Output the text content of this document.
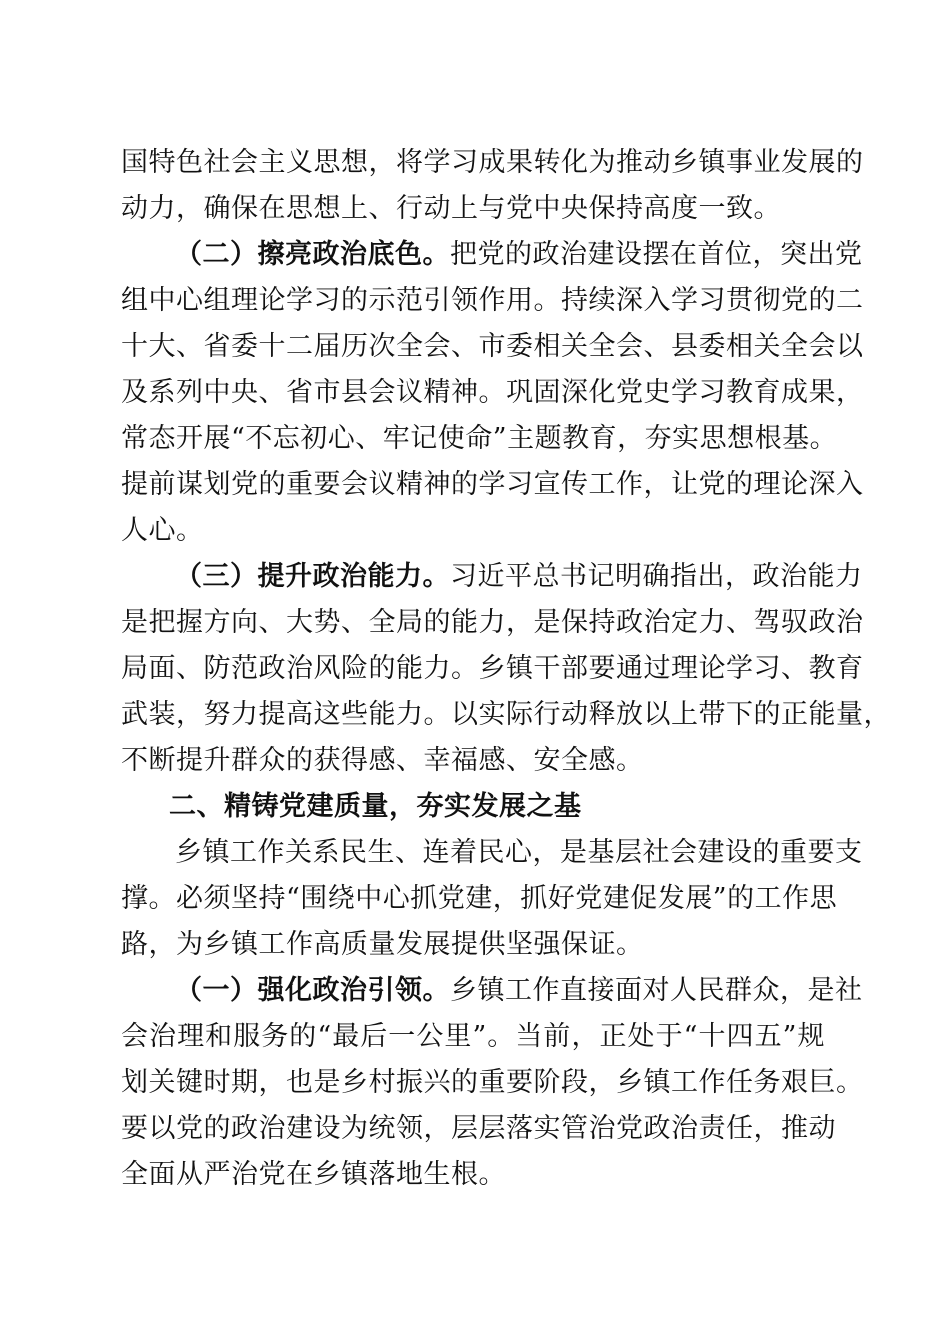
国特色社会主义思想，将学习成果转化为推动乡镇事业发展的
动力，确保在思想上、行动上与党中央保持高度一致。
（二）擦亮政治底色。把党的政治建设摆在首位，突出党
组中心组理论学习的示范引领作用。持续深入学习贯彻党的二
十大、省委十二届历次全会、市委相关全会、县委相关全会以
及系列中央、省市县会议精神。巩固深化党史学习教育成果，
常态开展“不忘初心、牢记使命”主题教育，夯实思想根基。
提前谋划党的重要会议精神的学习宣传工作，让党的理论深入
人心。
（三）提升政治能力。习近平总书记明确指出，政治能力
是把握方向、大势、全局的能力，是保持政治定力、驾驭政治
局面、防范政治风险的能力。乡镇干部要通过理论学习、教育
武装，努力提高这些能力。以实际行动释放以上带下的正能量，
不断提升群众的获得感、幸福感、安全感。
二、精铸党建质量，夯实发展之基
乡镇工作关系民生、连着民心，是基层社会建设的重要支
撑。必须坚持“围绕中心抓党建，抓好党建促发展”的工作思
路，为乡镇工作高质量发展提供坚强保证。
（一）强化政治引领。乡镇工作直接面对人民群众，是社
会治理和服务的“最后一公里”。当前，正处于“十四五”规
划关键时期，也是乡村振兴的重要阶段，乡镇工作任务艰巨。
要以党的政治建设为统领，层层落实管治党政治责任，推动
全面从严治党在乡镇落地生根。
